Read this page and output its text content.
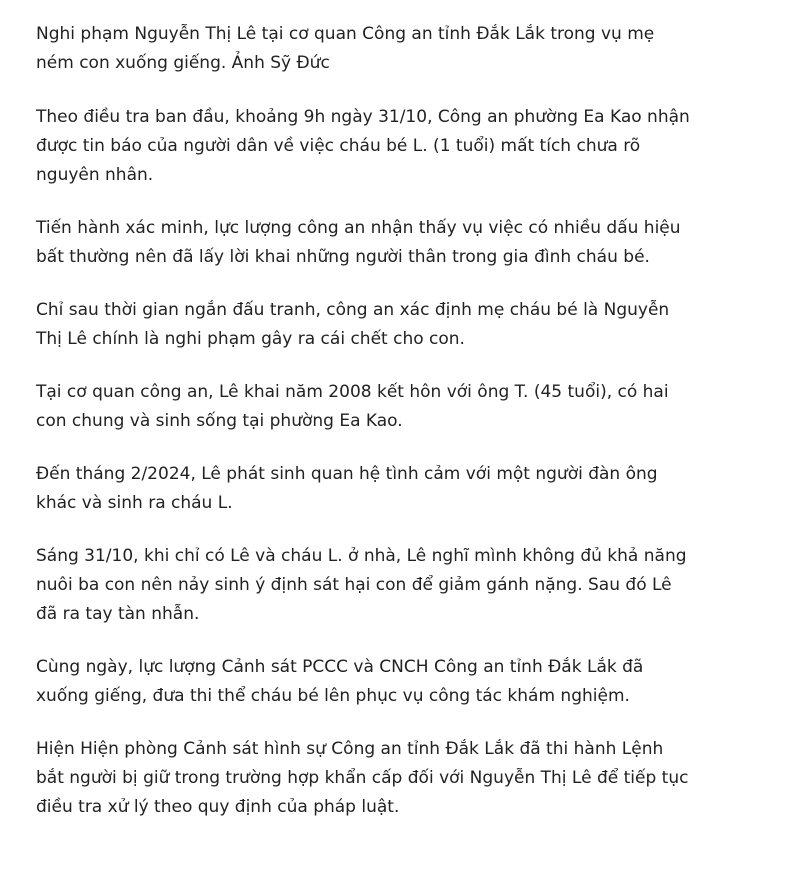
Nghi phạm Nguyễn Thị Lê tại cơ quan Công an tỉnh Đắk Lắk trong vụ mẹ ném con xuống giếng. Ảnh Sỹ Đức

Theo điều tra ban đầu, khoảng 9h ngày 31/10, Công an phường Ea Kao nhận được tin báo của người dân về việc cháu bé L. (1 tuổi) mất tích chưa rõ nguyên nhân.

Tiến hành xác minh, lực lượng công an nhận thấy vụ việc có nhiều dấu hiệu bất thường nên đã lấy lời khai những người thân trong gia đình cháu bé.

Chỉ sau thời gian ngắn đấu tranh, công an xác định mẹ cháu bé là Nguyễn Thị Lê chính là nghi phạm gây ra cái chết cho con.

Tại cơ quan công an, Lê khai năm 2008 kết hôn với ông T. (45 tuổi), có hai con chung và sinh sống tại phường Ea Kao.

Đến tháng 2/2024, Lê phát sinh quan hệ tình cảm với một người đàn ông khác và sinh ra cháu L.

Sáng 31/10, khi chỉ có Lê và cháu L. ở nhà, Lê nghĩ mình không đủ khả năng nuôi ba con nên nảy sinh ý định sát hại con để giảm gánh nặng. Sau đó Lê đã ra tay tàn nhẫn.

Cùng ngày, lực lượng Cảnh sát PCCC và CNCH Công an tỉnh Đắk Lắk đã xuống giếng, đưa thi thể cháu bé lên phục vụ công tác khám nghiệm.

Hiện Hiện phòng Cảnh sát hình sự Công an tỉnh Đắk Lắk đã thi hành Lệnh bắt người bị giữ trong trường hợp khẩn cấp đối với Nguyễn Thị Lê để tiếp tục điều tra xử lý theo quy định của pháp luật.
